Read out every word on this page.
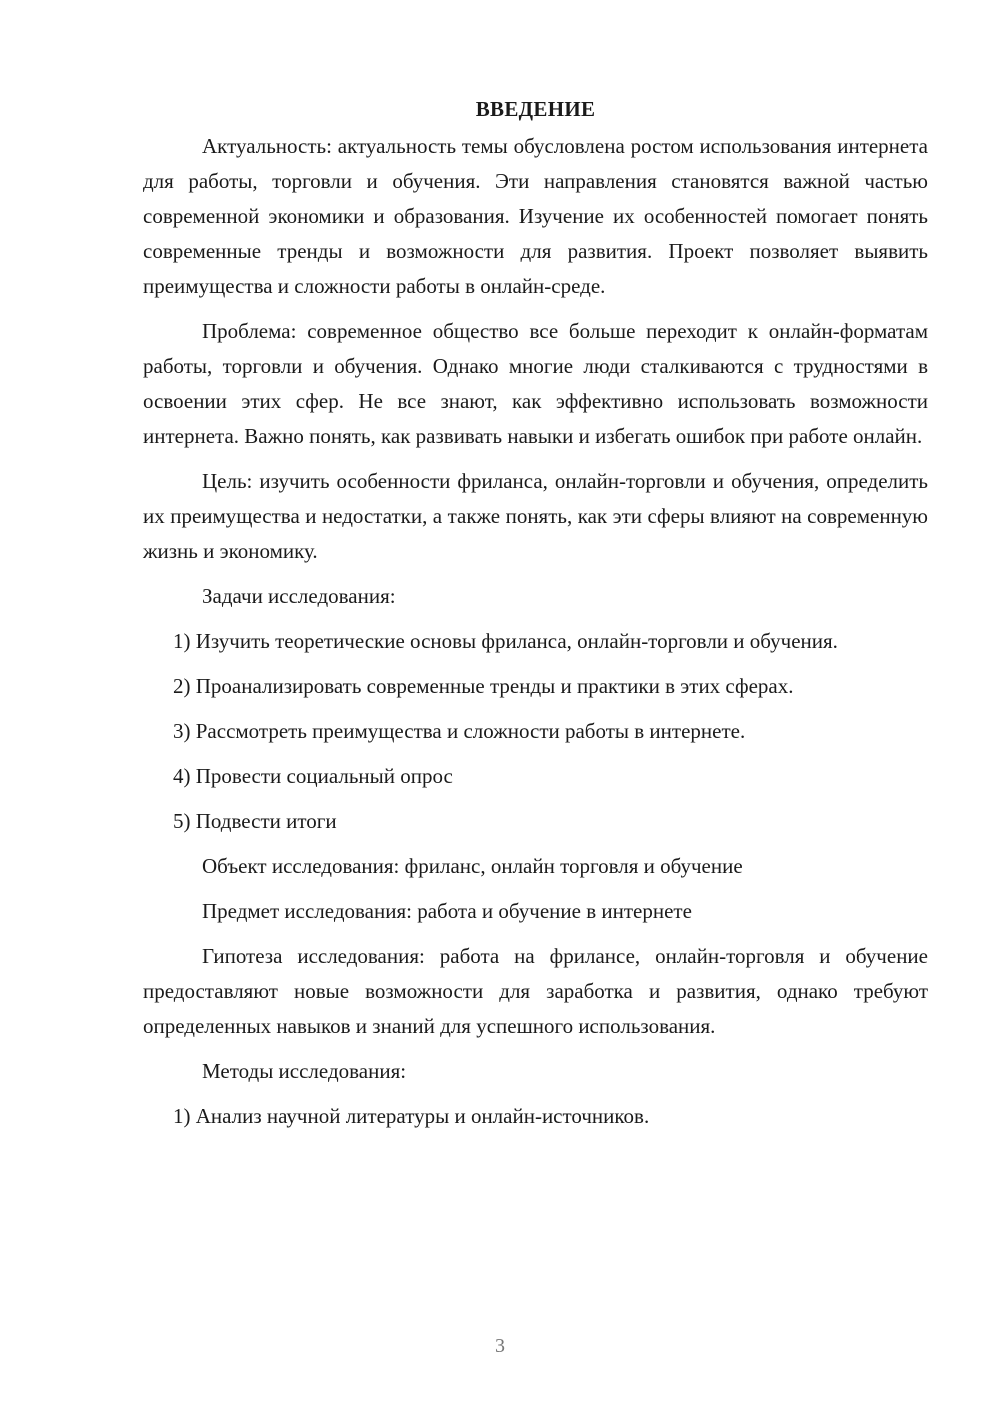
ВВЕДЕНИЕ

Актуальность: актуальность темы обусловлена ростом использования интернета для работы, торговли и обучения. Эти направления становятся важной частью современной экономики и образования. Изучение их особенностей помогает понять современные тренды и возможности для развития. Проект позволяет выявить преимущества и сложности работы в онлайн-среде.

Проблема: современное общество все больше переходит к онлайн-форматам работы, торговли и обучения. Однако многие люди сталкиваются с трудностями в освоении этих сфер. Не все знают, как эффективно использовать возможности интернета. Важно понять, как развивать навыки и избегать ошибок при работе онлайн.

Цель: изучить особенности фриланса, онлайн-торговли и обучения, определить их преимущества и недостатки, а также понять, как эти сферы влияют на современную жизнь и экономику.

Задачи исследования:

1) Изучить теоретические основы фриланса, онлайн-торговли и обучения.

2) Проанализировать современные тренды и практики в этих сферах.

3) Рассмотреть преимущества и сложности работы в интернете.

4) Провести социальный опрос

5) Подвести итоги

Объект исследования: фриланс, онлайн торговля и обучение

Предмет исследования: работа и обучение в интернете

Гипотеза исследования: работа на фрилансе, онлайн-торговля и обучение предоставляют новые возможности для заработка и развития, однако требуют определенных навыков и знаний для успешного использования.

Методы исследования:

1) Анализ научной литературы и онлайн-источников.

3
